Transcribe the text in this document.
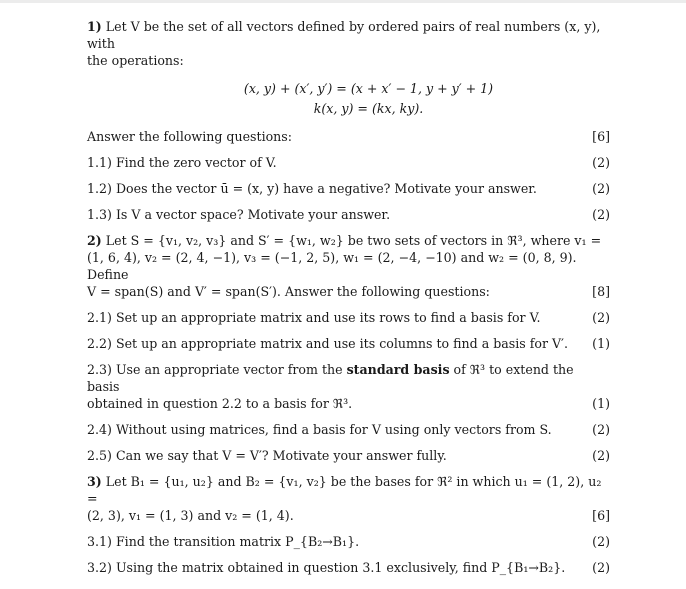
1) Let V be the set of all vectors defined by ordered pairs of real numbers (x, y), with
the operations:

(x, y) + (x′, y′) = (x + x′ − 1, y + y′ + 1)
k(x, y) = (kx, ky).
Answer the following questions:	[6]
1.1) Find the zero vector of V.	(2)
1.2) Does the vector ū = (x, y) have a negative? Motivate your answer.	(2)
1.3) Is V a vector space? Motivate your answer.	(2)
2) Let S = {v₁, v₂, v₃} and S′ = {w₁, w₂} be two sets of vectors in ℜ³, where v₁ =
(1, 6, 4), v₂ = (2, 4, −1), v₃ = (−1, 2, 5), w₁ = (2, −4, −10) and w₂ = (0, 8, 9). Define
V = span(S) and V′ = span(S′). Answer the following questions:	[8]
2.1) Set up an appropriate matrix and use its rows to find a basis for V.	(2)
2.2) Set up an appropriate matrix and use its columns to find a basis for V′.	(1)
2.3) Use an appropriate vector from the standard basis of ℜ³ to extend the basis
obtained in question 2.2 to a basis for ℜ³.	(1)
2.4) Without using matrices, find a basis for V using only vectors from S.	(2)
2.5) Can we say that V = V′? Motivate your answer fully.	(2)
3) Let B₁ = {u₁, u₂} and B₂ = {v₁, v₂} be the bases for ℜ² in which u₁ = (1, 2), u₂ =
(2, 3), v₁ = (1, 3) and v₂ = (1, 4).	[6]
3.1) Find the transition matrix P_{B₂→B₁}.	(2)
3.2) Using the matrix obtained in question 3.1 exclusively, find P_{B₁→B₂}.	(2)
